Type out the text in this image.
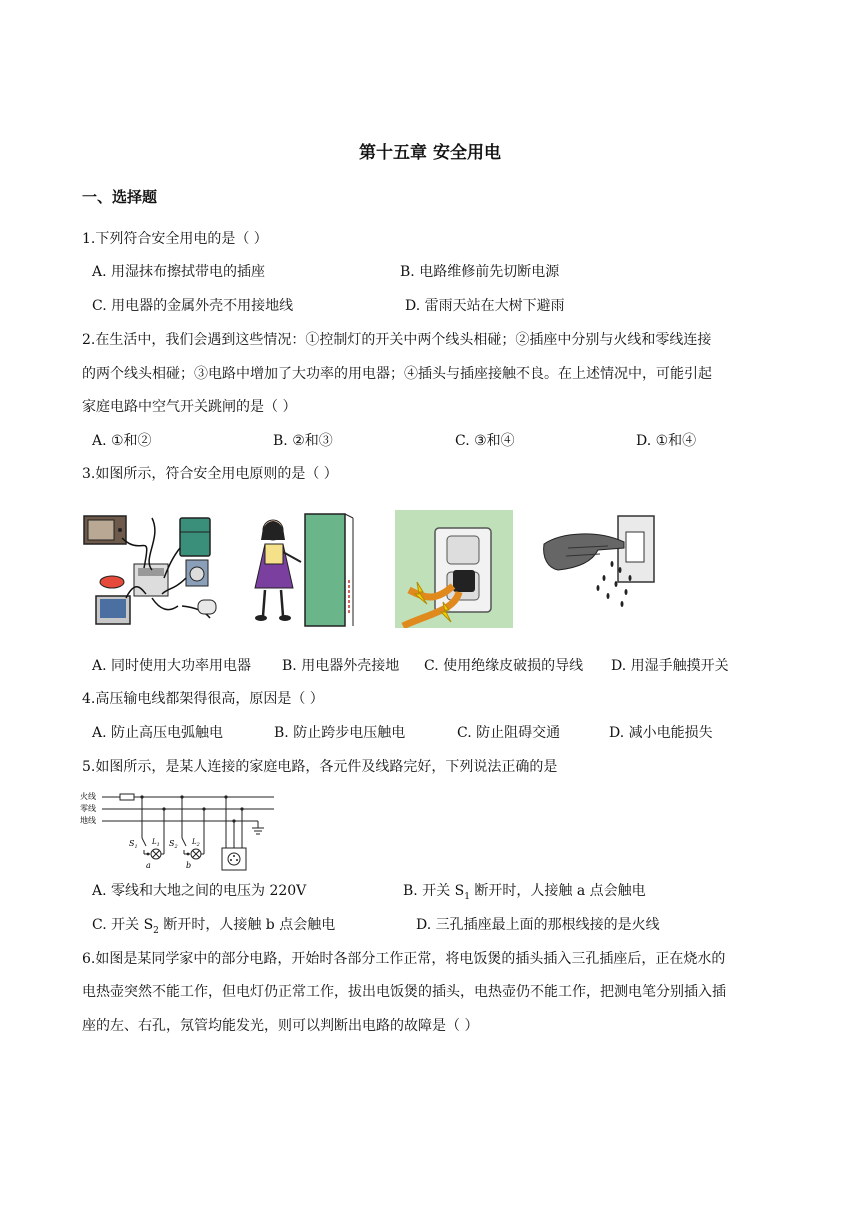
第十五章 安全用电
一、选择题
1.下列符合安全用电的是（ ）
A. 用湿抹布擦拭带电的插座	B. 电路维修前先切断电源
C. 用电器的金属外壳不用接地线	D. 雷雨天站在大树下避雨
2.在生活中，我们会遇到这些情况：①控制灯的开关中两个线头相碰；②插座中分别与火线和零线连接
的两个线头相碰；③电路中增加了大功率的用电器；④插头与插座接触不良。在上述情况中，可能引起
家庭电路中空气开关跳闸的是（ ）
A. ①和②	B. ②和③	C. ③和④	D. ①和④
3.如图所示，符合安全用电原则的是（ ）
A. 同时使用大功率用电器 B. 用电器外壳接地 C. 使用绝缘皮破损的导线 D. 用湿手触摸开关
4.高压输电线都架得很高，原因是（ ）
A. 防止高压电弧触电	B. 防止跨步电压触电	C. 防止阻碍交通	D. 减小电能损失
5.如图所示，是某人连接的家庭电路，各元件及线路完好，下列说法正确的是
火线
零线
地线
$S_1$
$L_1$
a
$S_2$
$L_2$
b
A. 零线和大地之间的电压为 220V	B. 开关 $S_1$ 断开时，人接触 a 点会触电
C. 开关 $S_2$ 断开时，人接触 b 点会触电	D. 三孔插座最上面的那根线接的是火线
6.如图是某同学家中的部分电路，开始时各部分工作正常，将电饭煲的插头插入三孔插座后，正在烧水的
电热壶突然不能工作，但电灯仍正常工作，拔出电饭煲的插头，电热壶仍不能工作，把测电笔分别插入插
座的左、右孔，氖管均能发光，则可以判断出电路的故障是（ ）
